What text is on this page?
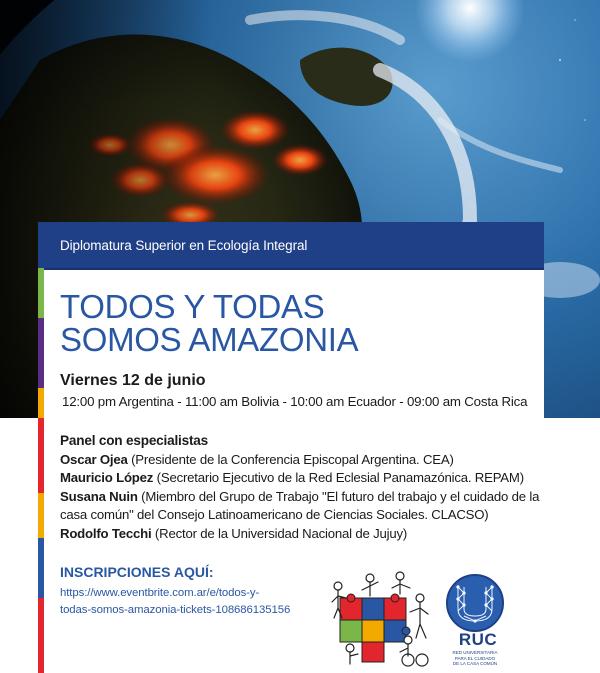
Diplomatura Superior en Ecología Integral
TODOS Y TODAS
SOMOS AMAZONIA
Viernes 12 de junio
12:00 pm Argentina - 11:00 am Bolivia - 10:00 am Ecuador - 09:00 am Costa Rica
Panel con especialistas
Oscar Ojea (Presidente de la Conferencia Episcopal Argentina. CEA)
Mauricio López (Secretario Ejecutivo de la Red Eclesial Panamazónica. REPAM)
Susana Nuin (Miembro del Grupo de Trabajo "El futuro del trabajo y el cuidado de la casa común" del Consejo Latinoamericano de Ciencias Sociales. CLACSO)
Rodolfo Tecchi (Rector de la Universidad Nacional de Jujuy)
INSCRIPCIONES AQUÍ:
https://www.eventbrite.com.ar/e/todos-y-
todas-somos-amazonia-tickets-108686135156
RUC
RED UNIVERSITARIA
PARA EL CUIDADO
DE LA CASA COMÚN
